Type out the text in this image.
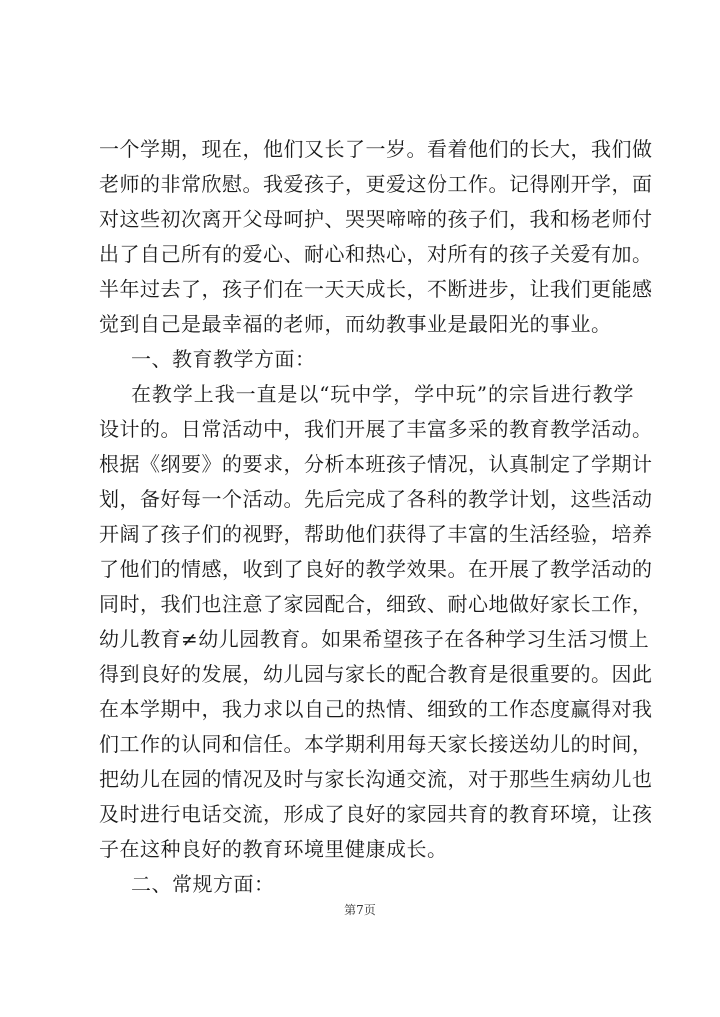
一个学期，现在，他们又长了一岁。看着他们的长大，我们做
老师的非常欣慰。我爱孩子，更爱这份工作。记得刚开学，面
对这些初次离开父母呵护、哭哭啼啼的孩子们，我和杨老师付
出了自己所有的爱心、耐心和热心，对所有的孩子关爱有加。
半年过去了，孩子们在一天天成长，不断进步，让我们更能感
觉到自己是最幸福的老师，而幼教事业是最阳光的事业。
一、教育教学方面：
在教学上我一直是以“玩中学，学中玩”的宗旨进行教学
设计的。日常活动中，我们开展了丰富多采的教育教学活动。
根据《纲要》的要求，分析本班孩子情况，认真制定了学期计
划，备好每一个活动。先后完成了各科的教学计划，这些活动
开阔了孩子们的视野，帮助他们获得了丰富的生活经验，培养
了他们的情感，收到了良好的教学效果。在开展了教学活动的
同时，我们也注意了家园配合，细致、耐心地做好家长工作，
幼儿教育≠幼儿园教育。如果希望孩子在各种学习生活习惯上
得到良好的发展，幼儿园与家长的配合教育是很重要的。因此
在本学期中，我力求以自己的热情、细致的工作态度赢得对我
们工作的认同和信任。本学期利用每天家长接送幼儿的时间，
把幼儿在园的情况及时与家长沟通交流，对于那些生病幼儿也
及时进行电话交流，形成了良好的家园共育的教育环境，让孩
子在这种良好的教育环境里健康成长。
二、常规方面：
第7页
